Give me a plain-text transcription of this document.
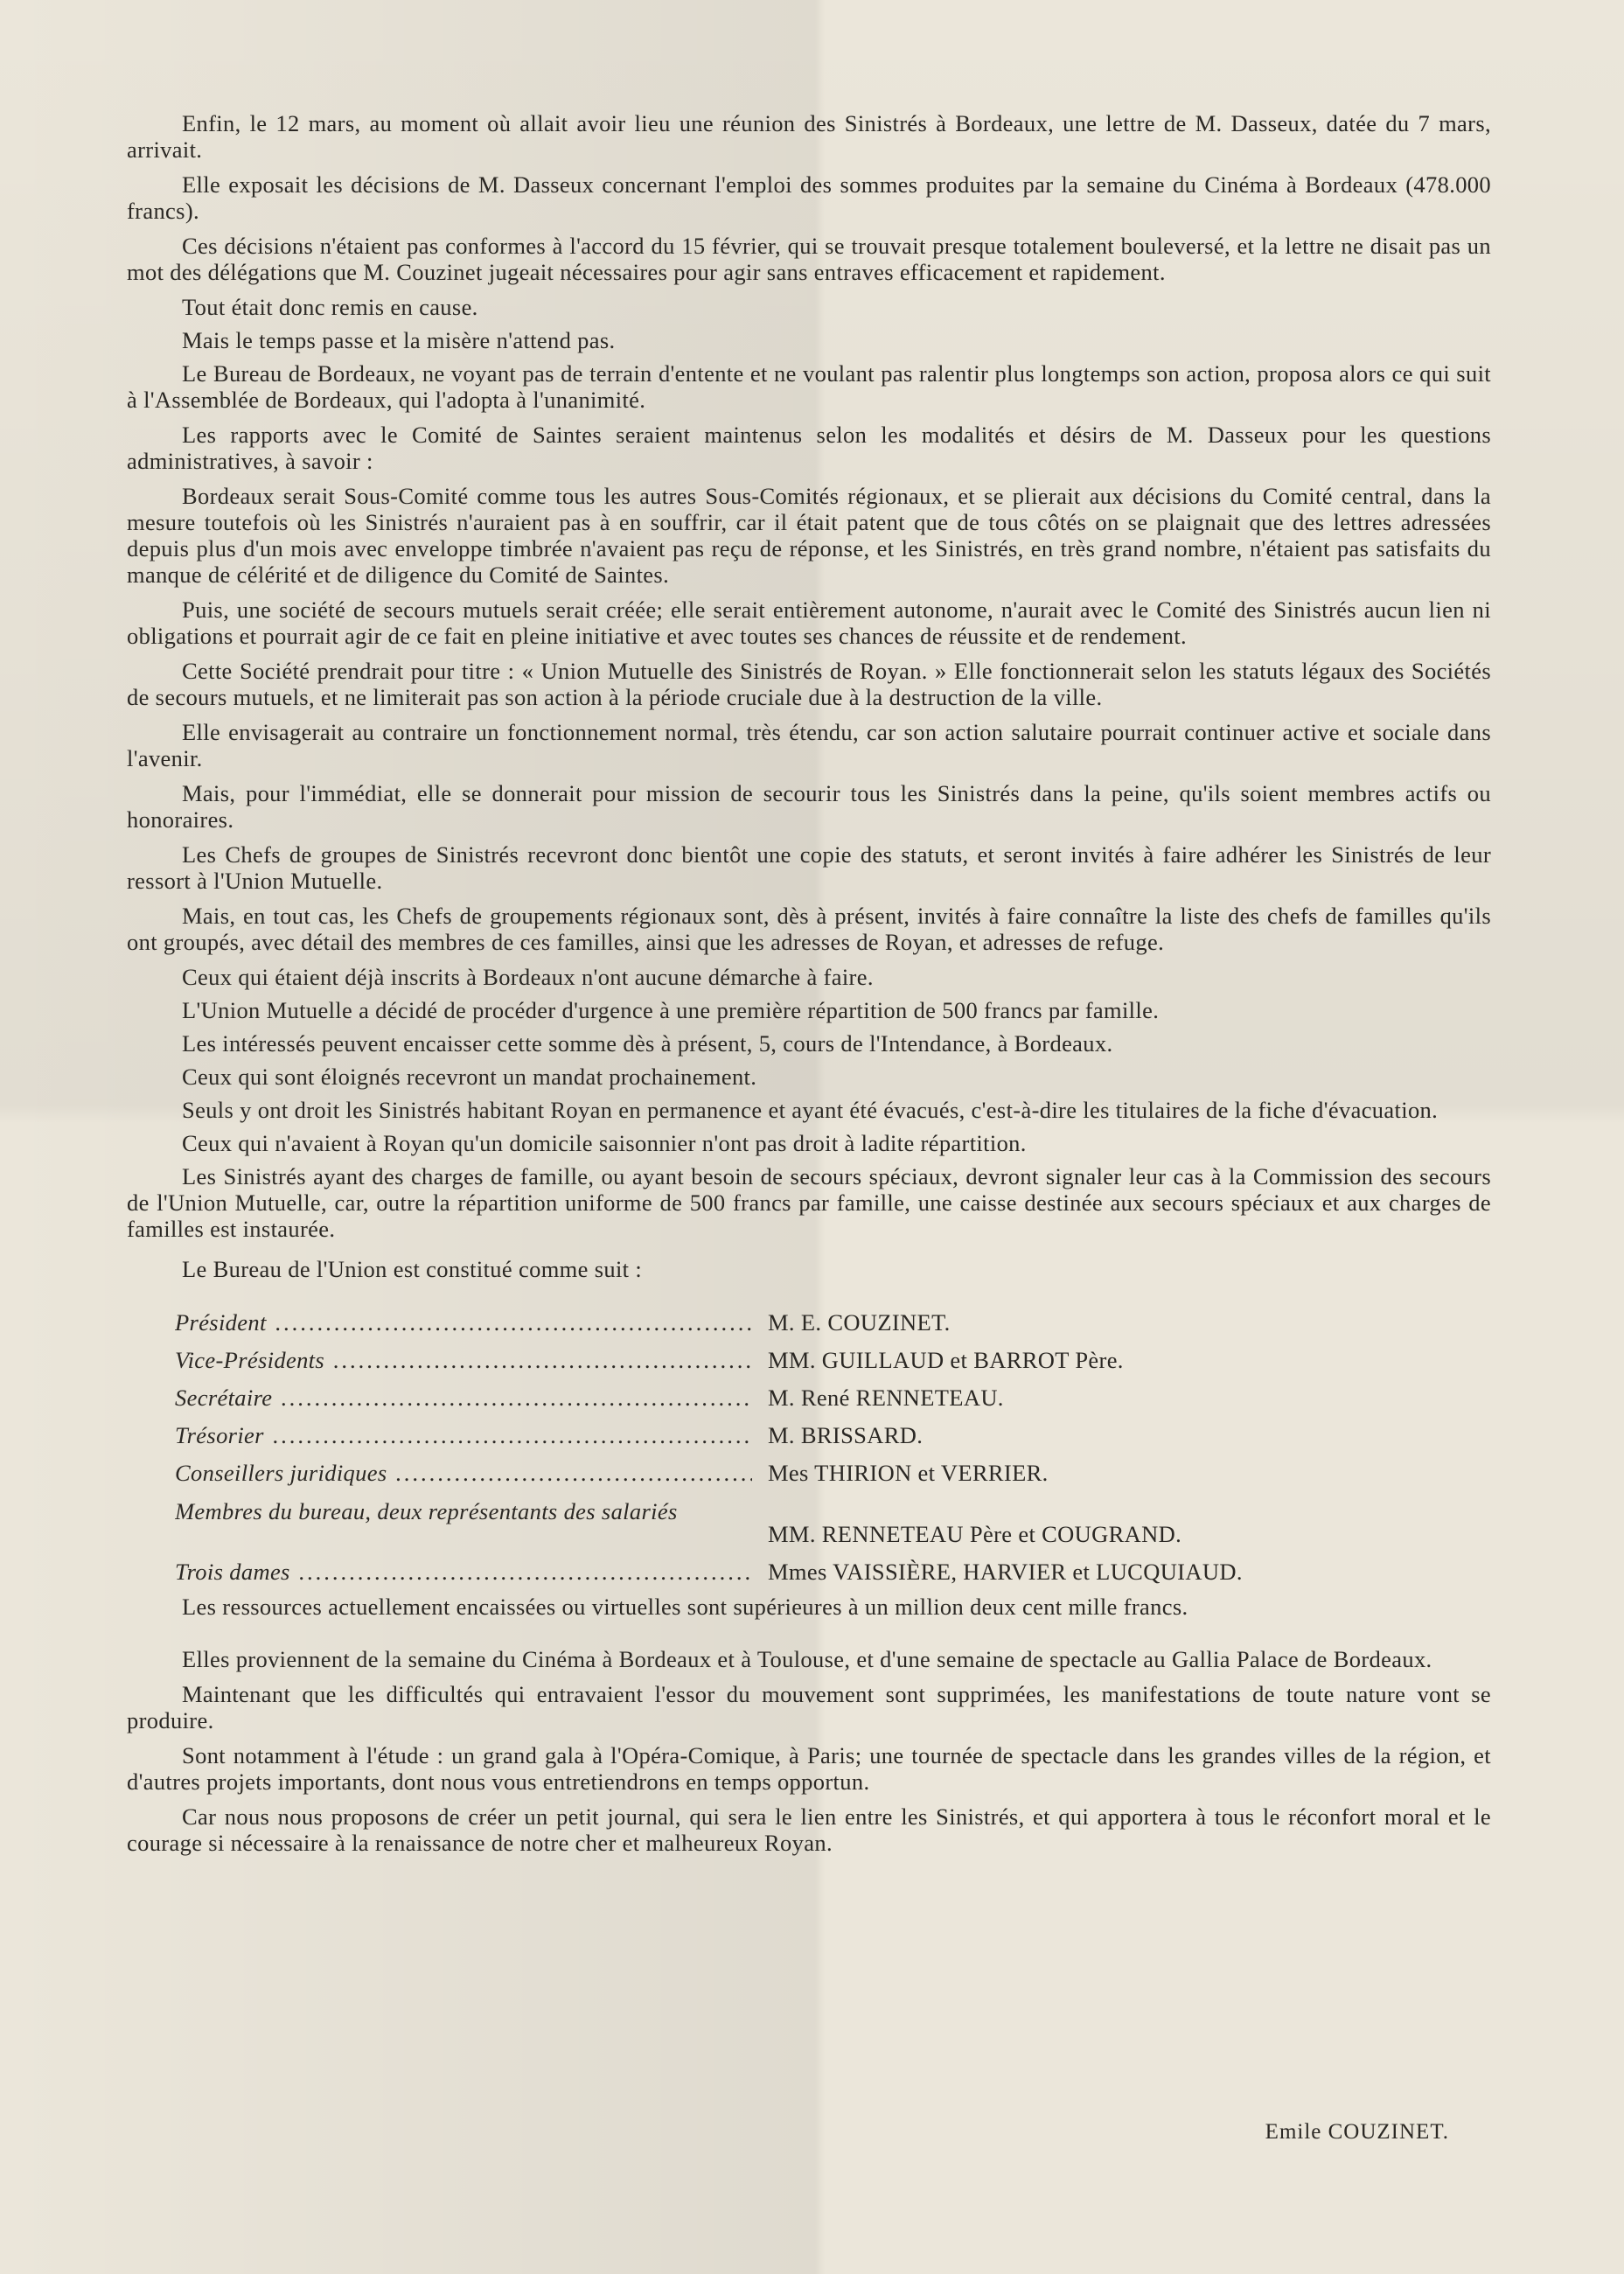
Enfin, le 12 mars, au moment où allait avoir lieu une réunion des Sinistrés à Bordeaux, une lettre de M. Dasseux, datée du 7 mars, arrivait.

Elle exposait les décisions de M. Dasseux concernant l'emploi des sommes produites par la semaine du Cinéma à Bordeaux (478.000 francs).

Ces décisions n'étaient pas conformes à l'accord du 15 février, qui se trouvait presque totalement bouleversé, et la lettre ne disait pas un mot des délégations que M. Couzinet jugeait nécessaires pour agir sans entraves efficacement et rapidement.

Tout était donc remis en cause.

Mais le temps passe et la misère n'attend pas.

Le Bureau de Bordeaux, ne voyant pas de terrain d'entente et ne voulant pas ralentir plus longtemps son action, proposa alors ce qui suit à l'Assemblée de Bordeaux, qui l'adopta à l'unanimité.

Les rapports avec le Comité de Saintes seraient maintenus selon les modalités et désirs de M. Dasseux pour les questions administratives, à savoir :

Bordeaux serait Sous-Comité comme tous les autres Sous-Comités régionaux, et se plierait aux décisions du Comité central, dans la mesure toutefois où les Sinistrés n'auraient pas à en souffrir, car il était patent que de tous côtés on se plaignait que des lettres adressées depuis plus d'un mois avec enveloppe timbrée n'avaient pas reçu de réponse, et les Sinistrés, en très grand nombre, n'étaient pas satisfaits du manque de célérité et de diligence du Comité de Saintes.

Puis, une société de secours mutuels serait créée; elle serait entièrement autonome, n'aurait avec le Comité des Sinistrés aucun lien ni obligations et pourrait agir de ce fait en pleine initiative et avec toutes ses chances de réussite et de rendement.

Cette Société prendrait pour titre : « Union Mutuelle des Sinistrés de Royan. » Elle fonctionnerait selon les statuts légaux des Sociétés de secours mutuels, et ne limiterait pas son action à la période cruciale due à la destruction de la ville.

Elle envisagerait au contraire un fonctionnement normal, très étendu, car son action salutaire pourrait continuer active et sociale dans l'avenir.

Mais, pour l'immédiat, elle se donnerait pour mission de secourir tous les Sinistrés dans la peine, qu'ils soient membres actifs ou honoraires.

Les Chefs de groupes de Sinistrés recevront donc bientôt une copie des statuts, et seront invités à faire adhérer les Sinistrés de leur ressort à l'Union Mutuelle.

Mais, en tout cas, les Chefs de groupements régionaux sont, dès à présent, invités à faire connaître la liste des chefs de familles qu'ils ont groupés, avec détail des membres de ces familles, ainsi que les adresses de Royan, et adresses de refuge.

Ceux qui étaient déjà inscrits à Bordeaux n'ont aucune démarche à faire.

L'Union Mutuelle a décidé de procéder d'urgence à une première répartition de 500 francs par famille.

Les intéressés peuvent encaisser cette somme dès à présent, 5, cours de l'Intendance, à Bordeaux.

Ceux qui sont éloignés recevront un mandat prochainement.

Seuls y ont droit les Sinistrés habitant Royan en permanence et ayant été évacués, c'est-à-dire les titulaires de la fiche d'évacuation.

Ceux qui n'avaient à Royan qu'un domicile saisonnier n'ont pas droit à ladite répartition.

Les Sinistrés ayant des charges de famille, ou ayant besoin de secours spéciaux, devront signaler leur cas à la Commission des secours de l'Union Mutuelle, car, outre la répartition uniforme de 500 francs par famille, une caisse destinée aux secours spéciaux et aux charges de familles est instaurée.

Le Bureau de l'Union est constitué comme suit :

Président .....	M. E. COUZINET.
Vice-Présidents .....	MM. GUILLAUD et BARROT Père.
Secrétaire .....	M. René RENNETEAU.
Trésorier .....	M. BRISSARD.
Conseillers juridiques .....	Mes THIRION et VERRIER.
Membres du bureau, deux représentants des salariés
MM. RENNETEAU Père et COUGRAND.
Trois dames .....	Mmes VAISSIÈRE, HARVIER et LUCQUIAUD.

Les ressources actuellement encaissées ou virtuelles sont supérieures à un million deux cent mille francs.

Elles proviennent de la semaine du Cinéma à Bordeaux et à Toulouse, et d'une semaine de spectacle au Gallia Palace de Bordeaux.

Maintenant que les difficultés qui entravaient l'essor du mouvement sont supprimées, les manifestations de toute nature vont se produire.

Sont notamment à l'étude : un grand gala à l'Opéra-Comique, à Paris; une tournée de spectacle dans les grandes villes de la région, et d'autres projets importants, dont nous vous entretiendrons en temps opportun.

Car nous nous proposons de créer un petit journal, qui sera le lien entre les Sinistrés, et qui apportera à tous le réconfort moral et le courage si nécessaire à la renaissance de notre cher et malheureux Royan.

Emile COUZINET.
